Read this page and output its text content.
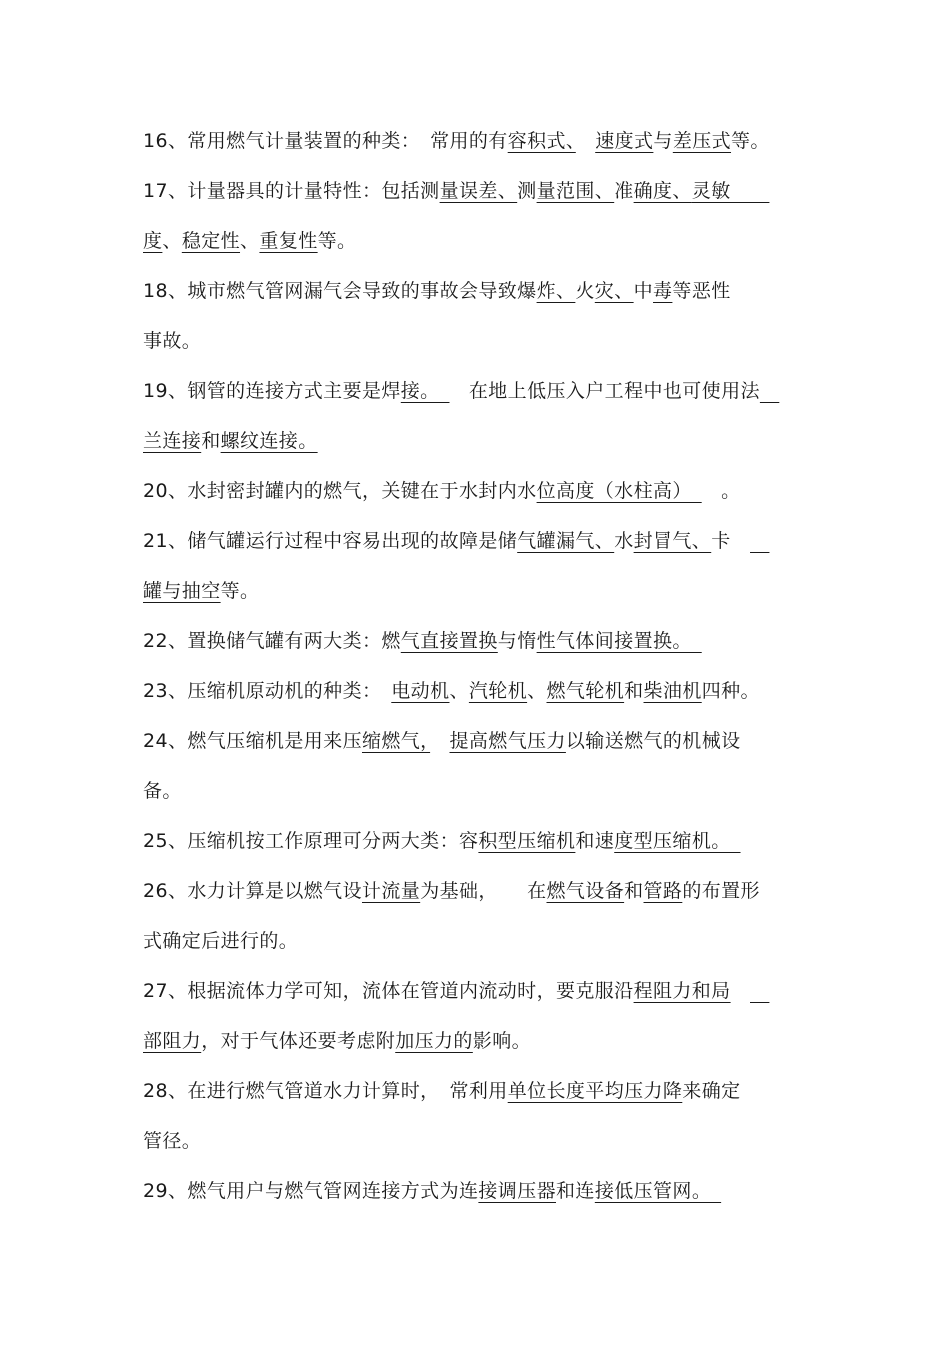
16、常用燃气计量装置的种类：　常用的有容积式、　 速度式与差压式等。
17、计量器具的计量特性：包括测量误差、测量范围、准确度、灵敏　　
度、稳定性、重复性等。
18、城市燃气管网漏气会导致的事故会导致爆炸、火灾、中毒等恶性
事故。
19、钢管的连接方式主要是焊接。　　在地上低压入户工程中也可使用法　
兰连接和螺纹连接。
20、水封密封罐内的燃气，关键在于水封内水位高度（水柱高）　　。
21、储气罐运行过程中容易出现的故障是储气罐漏气、水封冒气、卡　　
罐与抽空等。
22、置换储气罐有两大类：燃气直接置换与惰性气体间接置换。　
23、压缩机原动机的种类：　电动机、汽轮机、燃气轮机和柴油机四种。
24、燃气压缩机是用来压缩燃气，　 提高燃气压力以输送燃气的机械设
备。
25、压缩机按工作原理可分两大类：容积型压缩机和速度型压缩机。　
26、水力计算是以燃气设计流量为基础，　　在燃气设备和管路的布置形
式确定后进行的。
27、根据流体力学可知，流体在管道内流动时，要克服沿程阻力和局　　
部阻力，对于气体还要考虑附加压力的影响。
28、在进行燃气管道水力计算时，　常利用单位长度平均压力降来确定
管径。
29、燃气用户与燃气管网连接方式为连接调压器和连接低压管网。　
